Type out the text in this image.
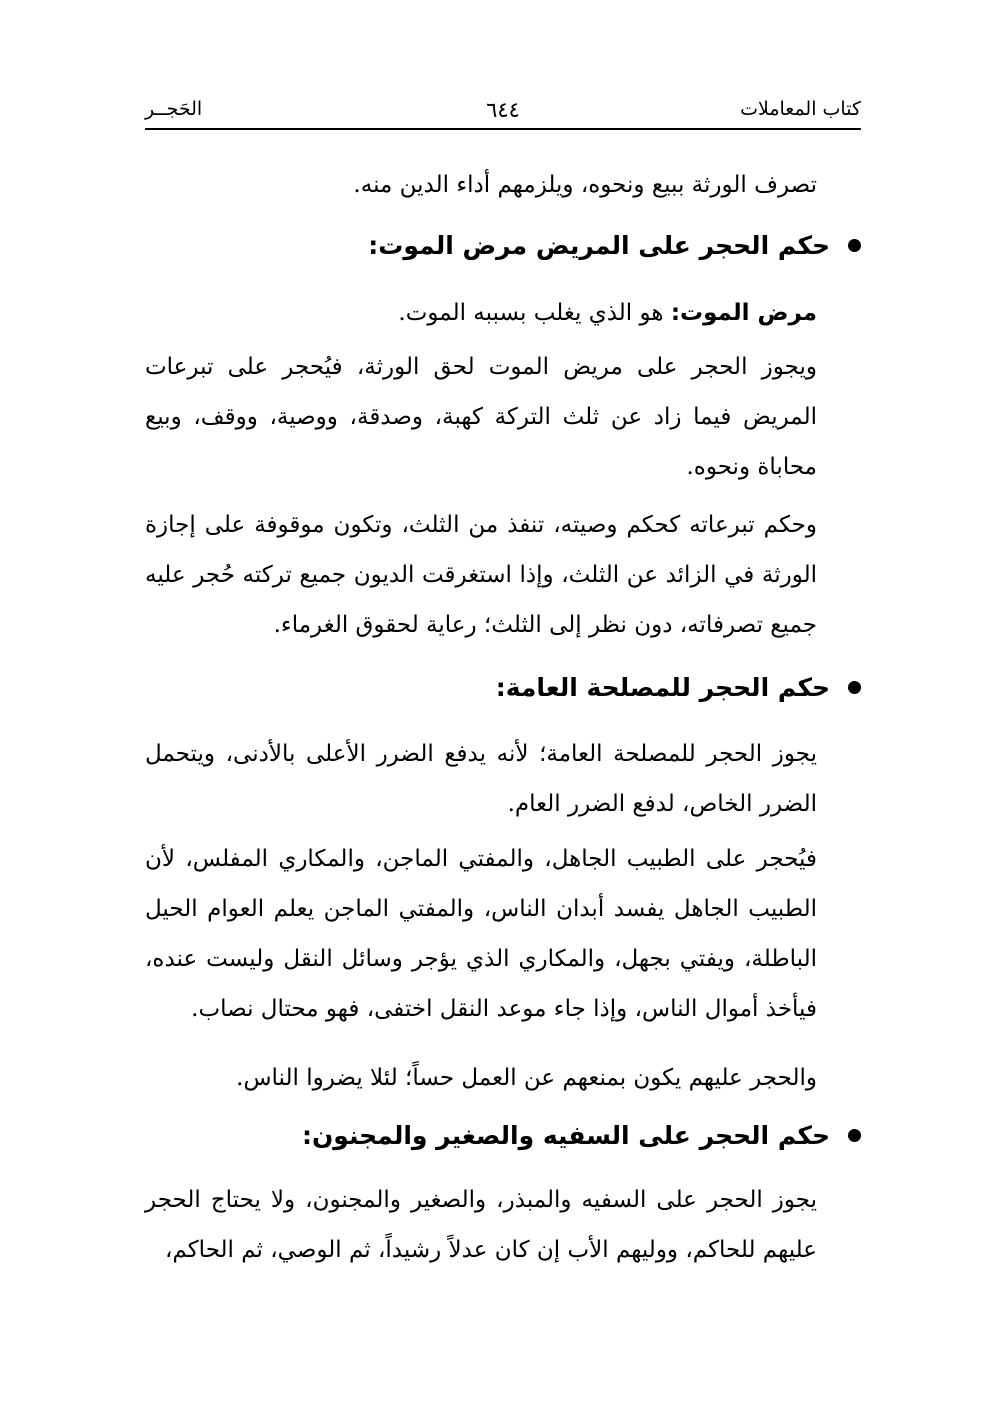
كتاب المعاملات
٦٤٤
الحَجــر

تصرف الورثة ببيع ونحوه، ويلزمهم أداء الدين منه.

حكم الحجر على المريض مرض الموت:

مرض الموت: هو الذي يغلب بسببه الموت.

ويجوز الحجر على مريض الموت لحق الورثة، فيُحجر على تبرعات المريض فيما زاد عن ثلث التركة كهبة، وصدقة، ووصية، ووقف، وبيع محاباة ونحوه.

وحكم تبرعاته كحكم وصيته، تنفذ من الثلث، وتكون موقوفة على إجازة الورثة في الزائد عن الثلث، وإذا استغرقت الديون جميع تركته حُجر عليه جميع تصرفاته، دون نظر إلى الثلث؛ رعاية لحقوق الغرماء.

حكم الحجر للمصلحة العامة:

يجوز الحجر للمصلحة العامة؛ لأنه يدفع الضرر الأعلى بالأدنى، ويتحمل الضرر الخاص، لدفع الضرر العام.

فيُحجر على الطبيب الجاهل، والمفتي الماجن، والمكاري المفلس، لأن الطبيب الجاهل يفسد أبدان الناس، والمفتي الماجن يعلم العوام الحيل الباطلة، ويفتي بجهل، والمكاري الذي يؤجر وسائل النقل وليست عنده، فيأخذ أموال الناس، وإذا جاء موعد النقل اختفى، فهو محتال نصاب.

والحجر عليهم يكون بمنعهم عن العمل حساً؛ لئلا يضروا الناس.

حكم الحجر على السفيه والصغير والمجنون:

يجوز الحجر على السفيه والمبذر، والصغير والمجنون، ولا يحتاج الحجر عليهم للحاكم، ووليهم الأب إن كان عدلاً رشيداً، ثم الوصي، ثم الحاكم،
